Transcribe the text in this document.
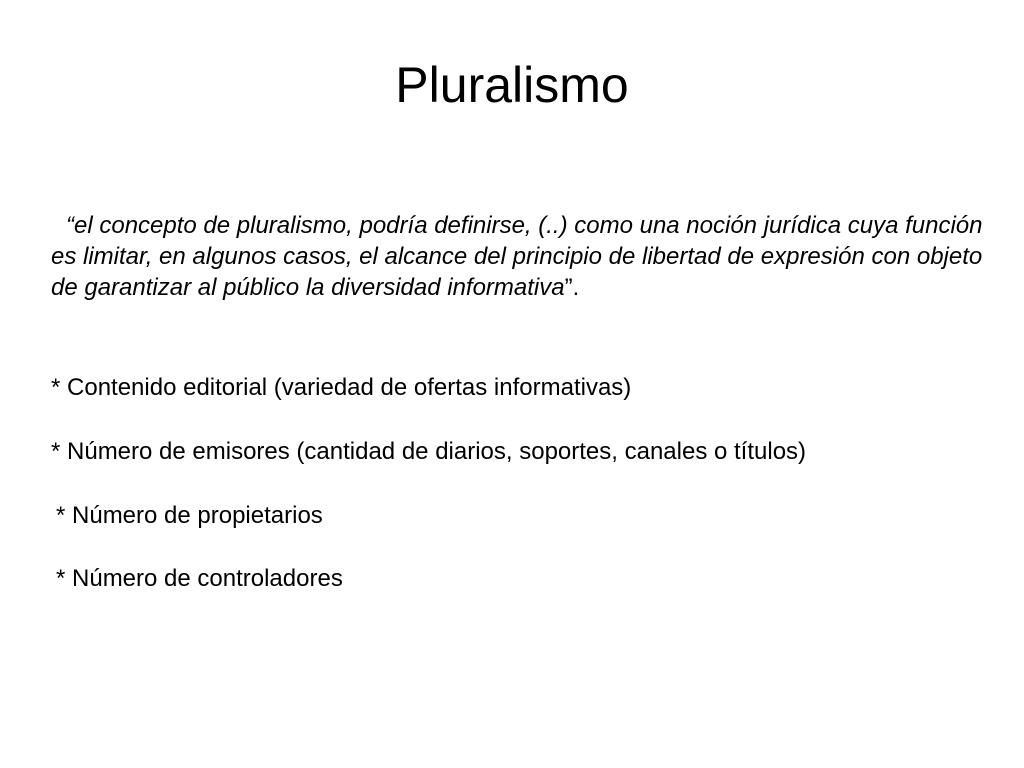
Pluralismo

“el concepto de pluralismo, podría definirse, (..) como una noción jurídica cuya función es limitar, en algunos casos, el alcance del principio de libertad de expresión con objeto de garantizar al público la diversidad informativa”.

* Contenido editorial (variedad de ofertas informativas)

* Número de emisores (cantidad de diarios, soportes, canales o títulos)

* Número de propietarios

* Número de controladores
